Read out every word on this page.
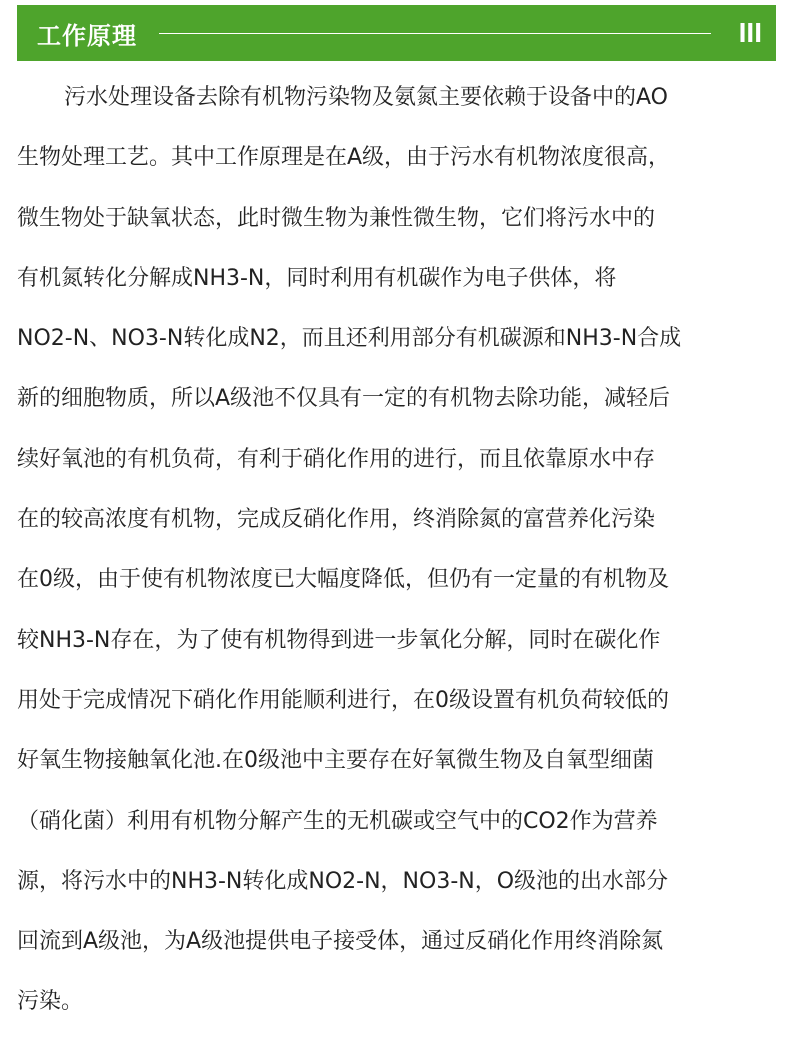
工作原理	III
污水处理设备去除有机物污染物及氨氮主要依赖于设备中的AO
生物处理工艺。其中工作原理是在A级，由于污水有机物浓度很高，
微生物处于缺氧状态，此时微生物为兼性微生物，它们将污水中的
有机氮转化分解成NH3-N，同时利用有机碳作为电子供体，将
NO2-N、NO3-N转化成N2，而且还利用部分有机碳源和NH3-N合成
新的细胞物质，所以A级池不仅具有一定的有机物去除功能，减轻后
续好氧池的有机负荷，有利于硝化作用的进行，而且依靠原水中存
在的较高浓度有机物，完成反硝化作用，终消除氮的富营养化污染
在0级，由于使有机物浓度已大幅度降低，但仍有一定量的有机物及
较NH3-N存在，为了使有机物得到进一步氧化分解，同时在碳化作
用处于完成情况下硝化作用能顺利进行，在0级设置有机负荷较低的
好氧生物接触氧化池.在0级池中主要存在好氧微生物及自氧型细菌
（硝化菌）利用有机物分解产生的无机碳或空气中的CO2作为营养
源，将污水中的NH3-N转化成NO2-N，NO3-N，O级池的出水部分
回流到A级池，为A级池提供电子接受体，通过反硝化作用终消除氮
污染。
